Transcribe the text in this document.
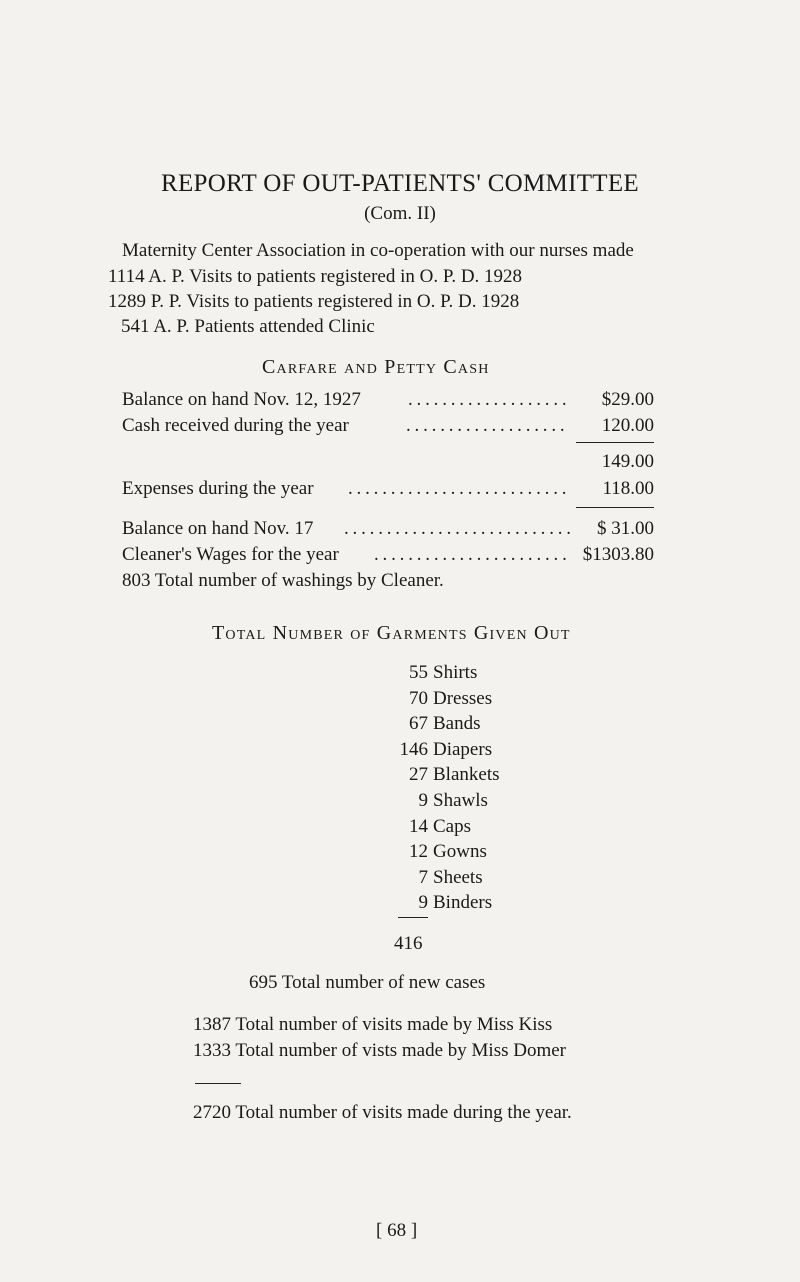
REPORT OF OUT-PATIENTS' COMMITTEE
(Com. II)
Maternity Center Association in co-operation with our nurses made
1114 A. P. Visits to patients registered in O. P. D. 1928
1289 P. P. Visits to patients registered in O. P. D. 1928
541 A. P. Patients attended Clinic
Carfare and Petty Cash
Balance on hand Nov. 12, 1927 ................... $29.00
Cash received during the year	................... 120.00
149.00
Expenses during the year .......................... 118.00
Balance on hand Nov. 17 ........................... $ 31.00
Cleaner's Wages for the year ....................... $1303.80
803 Total number of washings by Cleaner.
Total Number of Garments Given Out
55 Shirts
70 Dresses
67 Bands
146 Diapers
27 Blankets
9 Shawls
14 Caps
12 Gowns
7 Sheets
9 Binders
416
695 Total number of new cases
1387 Total number of visits made by Miss Kiss
1333 Total number of vists made by Miss Domer
2720 Total number of visits made during the year.
[ 68 ]
